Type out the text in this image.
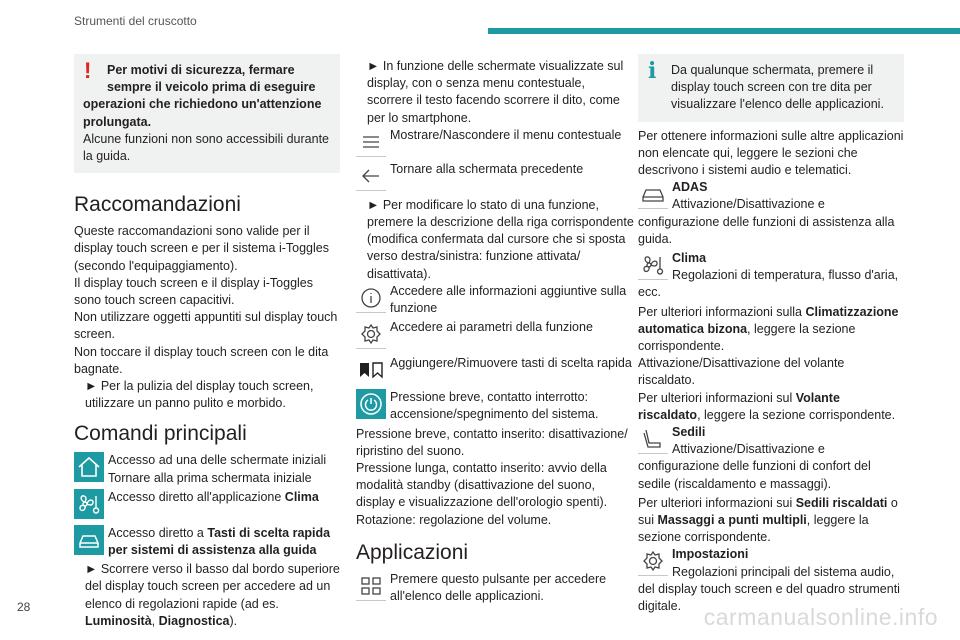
Strumenti del cruscotto
!	Per motivi di sicurezza, fermare

sempre il veicolo prima di eseguire

operazioni che richiedono un'attenzione prolungata.

Alcune funzioni non sono accessibili durante la guida.

Raccomandazioni

Queste raccomandazioni sono valide per il display touch screen e per il sistema i-Toggles (secondo l'equipaggiamento).

Il display touch screen e il display i-Toggles sono touch screen capacitivi.

Non utilizzare oggetti appuntiti sul display touch screen.

Non toccare il display touch screen con le dita bagnate.

► Per la pulizia del display touch screen, utilizzare un panno pulito e morbido.

Comandi principali

Accesso ad una delle schermate iniziali

Tornare alla prima schermata iniziale

Accesso diretto all'applicazione Clima

Accesso diretto a Tasti di scelta rapida per sistemi di assistenza alla guida

► Scorrere verso il basso dal bordo superiore del display touch screen per accedere ad un elenco di regolazioni rapide (ad es. Luminosità, Diagnostica).

► In funzione delle schermate visualizzate sul display, con o senza menu contestuale, scorrere il testo facendo scorrere il dito, come per lo smartphone.

Mostrare/Nascondere il menu contestuale

Tornare alla schermata precedente

► Per modificare lo stato di una funzione, premere la descrizione della riga corrispondente (modifica confermata dal cursore che si sposta verso destra/sinistra: funzione attivata/ disattivata).

Accedere alle informazioni aggiuntive sulla funzione

Accedere ai parametri della funzione

Aggiungere/Rimuovere tasti di scelta rapida

Pressione breve, contatto interrotto: accensione/spegnimento del sistema.

Pressione breve, contatto inserito: disattivazione/ ripristino del suono.

Pressione lunga, contatto inserito: avvio della modalità standby (disattivazione del suono, display e visualizzazione dell'orologio spenti).

Rotazione: regolazione del volume.

Applicazioni

Premere questo pulsante per accedere all'elenco delle applicazioni.

i	Da qualunque schermata, premere il display touch screen con tre dita per visualizzare l'elenco delle applicazioni.

Per ottenere informazioni sulle altre applicazioni non elencate qui, leggere le sezioni che descrivono i sistemi audio e telematici.

ADAS

Attivazione/Disattivazione e configurazione delle funzioni di assistenza alla guida.

Clima

Regolazioni di temperatura, flusso d'aria, ecc.

Per ulteriori informazioni sulla Climatizzazione automatica bizona, leggere la sezione corrispondente.

Attivazione/Disattivazione del volante riscaldato.

Per ulteriori informazioni sul Volante riscaldato, leggere la sezione corrispondente.

Sedili

Attivazione/Disattivazione e configurazione delle funzioni di confort del sedile (riscaldamento e massaggi).

Per ulteriori informazioni sui Sedili riscaldati o sui Massaggi a punti multipli, leggere la sezione corrispondente.

Impostazioni

Regolazioni principali del sistema audio, del display touch screen e del quadro strumenti digitale.

28	carmanualsonline.info
